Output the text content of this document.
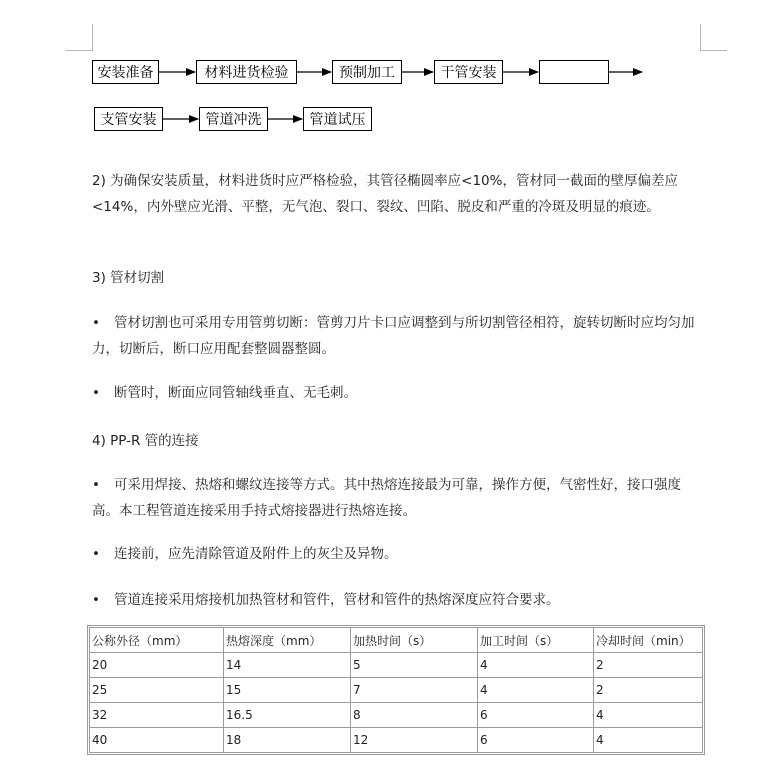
安装准备	材料进货检验	预制加工	干管安装
支管安装	管道冲洗	管道试压

2) 为确保安装质量，材料进货时应严格检验，其管径椭圆率应<10%，管材同一截面的壁厚偏差应<14%，内外壁应光滑、平整，无气泡、裂口、裂纹、凹陷、脱皮和严重的冷斑及明显的痕迹。

3) 管材切割

• 管材切割也可采用专用管剪切断：管剪刀片卡口应调整到与所切割管径相符，旋转切断时应均匀加力，切断后，断口应用配套整圆器整圆。

• 断管时，断面应同管轴线垂直、无毛刺。

4) PP-R 管的连接

• 可采用焊接、热熔和螺纹连接等方式。其中热熔连接最为可靠，操作方便，气密性好，接口强度高。本工程管道连接采用手持式熔接器进行热熔连接。

• 连接前，应先清除管道及附件上的灰尘及异物。

• 管道连接采用熔接机加热管材和管件，管材和管件的热熔深度应符合要求。

公称外径（mm）	热熔深度（mm）	加热时间（s）	加工时间（s）	冷却时间（min）
20	14	5	4	2
25	15	7	4	2
32	16.5	8	6	4
40	18	12	6	4
